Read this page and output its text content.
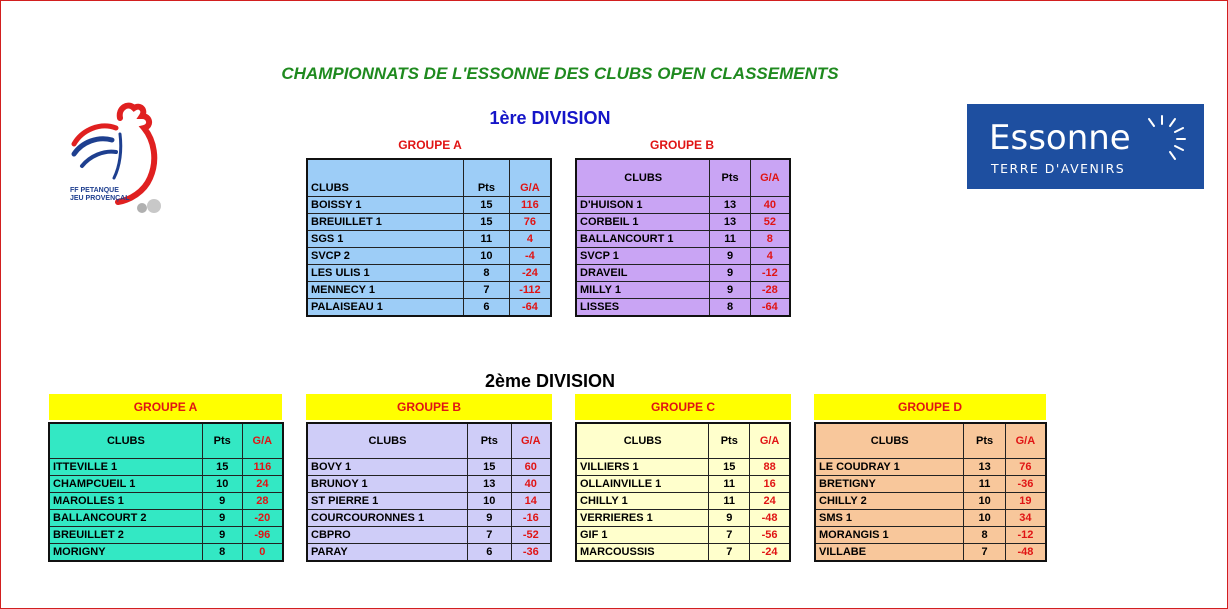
CHAMPIONNATS DE L'ESSONNE DES CLUBS OPEN CLASSEMENTS
FF PETANQUE
JEU PROVENÇAL
Essonne
TERRE D'AVENIRS
1ère DIVISION
GROUPE A	GROUPE B
CLUBS	Pts	G/A
BOISSY 1	15	116
BREUILLET 1	15	76
SGS 1	11	4
SVCP 2	10	-4
LES ULIS 1	8	-24
MENNECY 1	7	-112
PALAISEAU 1	6	-64
CLUBS	Pts	G/A
D'HUISON 1	13	40
CORBEIL 1	13	52
BALLANCOURT 1	11	8
SVCP 1	9	4
DRAVEIL	9	-12
MILLY 1	9	-28
LISSES	8	-64
2ème DIVISION
GROUPE A	GROUPE B	GROUPE C	GROUPE D
CLUBS	Pts	G/A
ITTEVILLE 1	15	116
CHAMPCUEIL 1	10	24
MAROLLES 1	9	28
BALLANCOURT 2	9	-20
BREUILLET 2	9	-96
MORIGNY	8	0
CLUBS	Pts	G/A
BOVY 1	15	60
BRUNOY 1	13	40
ST PIERRE 1	10	14
COURCOURONNES 1	9	-16
CBPRO	7	-52
PARAY	6	-36
CLUBS	Pts	G/A
VILLIERS 1	15	88
OLLAINVILLE 1	11	16
CHILLY 1	11	24
VERRIERES 1	9	-48
GIF 1	7	-56
MARCOUSSIS	7	-24
CLUBS	Pts	G/A
LE COUDRAY 1	13	76
BRETIGNY	11	-36
CHILLY 2	10	19
SMS 1	10	34
MORANGIS 1	8	-12
VILLABE	7	-48
